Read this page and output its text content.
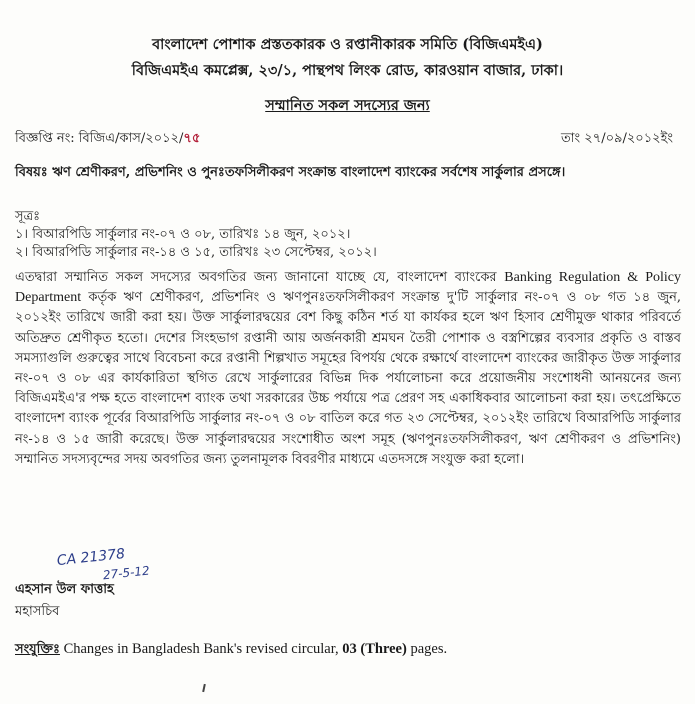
বাংলাদেশ পোশাক প্রস্ততকারক ও রপ্তানীকারক সমিতি (বিজিএমইএ)
বিজিএমইএ কমপ্লেক্স, ২৩/১, পান্থপথ লিংক রোড, কারওয়ান বাজার, ঢাকা।
সম্মানিত সকল সদস্যের জন্য
বিজ্ঞপ্তি নং: বিজিএ/কাস/২০১২/৭৫	তাং ২৭/০৯/২০১২ইং
বিষয়ঃ ঋণ শ্রেণীকরণ, প্রভিশনিং ও পুনঃতফসিলীকরণ সংক্রান্ত বাংলাদেশ ব্যাংকের সর্বশেষ সার্কুলার প্রসঙ্গে।
সূত্রঃ
১। বিআরপিডি সার্কুলার নং-০৭ ও ০৮, তারিখঃ ১৪ জুন, ২০১২।
২। বিআরপিডি সার্কুলার নং-১৪ ও ১৫, তারিখঃ ২৩ সেপ্টেম্বর, ২০১২।
এতদ্বারা সম্মানিত সকল সদস্যের অবগতির জন্য জানানো যাচ্ছে যে, বাংলাদেশ ব্যাংকের Banking Regulation & Policy Department কর্তৃক ঋণ শ্রেণীকরণ, প্রভিশনিং ও ঋণপুনঃতফসিলীকরণ সংক্রান্ত দু'টি সার্কুলার নং-০৭ ও ০৮ গত ১৪ জুন, ২০১২ইং তারিখে জারী করা হয়। উক্ত সার্কুলারদ্বয়ের বেশ কিছু কঠিন শর্ত যা কার্যকর হলে ঋণ হিসাব শ্রেণীমুক্ত থাকার পরিবর্তে অতিদ্রুত শ্রেণীকৃত হতো। দেশের সিংহভাগ রপ্তানী আয় অর্জনকারী শ্রমঘন তৈরী পোশাক ও বস্ত্রশিল্পের ব্যবসার প্রকৃতি ও বাস্তব সমস্যাগুলি গুরুত্বের সাথে বিবেচনা করে রপ্তানী শিল্পখাত সমূহের বিপর্যয় থেকে রক্ষার্থে বাংলাদেশ ব্যাংকের জারীকৃত উক্ত সার্কুলার নং-০৭ ও ০৮ এর কার্যকারিতা স্থগিত রেখে সার্কুলারের বিভিন্ন দিক পর্যালোচনা করে প্রয়োজনীয় সংশোধনী আনয়নের জন্য বিজিএমইএ'র পক্ষ হতে বাংলাদেশ ব্যাংক তথা সরকারের উচ্চ পর্যায়ে পত্র প্রেরণ সহ একাধিকবার আলোচনা করা হয়। তৎপ্রেক্ষিতে বাংলাদেশ ব্যাংক পূর্বের বিআরপিডি সার্কুলার নং-০৭ ও ০৮ বাতিল করে গত ২৩ সেপ্টেম্বর, ২০১২ইং তারিখে বিআরপিডি সার্কুলার নং-১৪ ও ১৫ জারী করেছে। উক্ত সার্কুলারদ্বয়ের সংশোধীত অংশ সমূহ (ঋণপুনঃতফসিলীকরণ, ঋণ শ্রেণীকরণ ও প্রভিশনিং) সম্মানিত সদস্যবৃন্দের সদয় অবগতির জন্য তুলনামূলক বিবরণীর মাধ্যমে এতদসঙ্গে সংযুক্ত করা হলো।
CA 21378
27-5-12
এহসান উল ফাত্তাহ
মহাসচিব
সংযুক্তিঃ Changes in Bangladesh Bank's revised circular, 03 (Three) pages.
